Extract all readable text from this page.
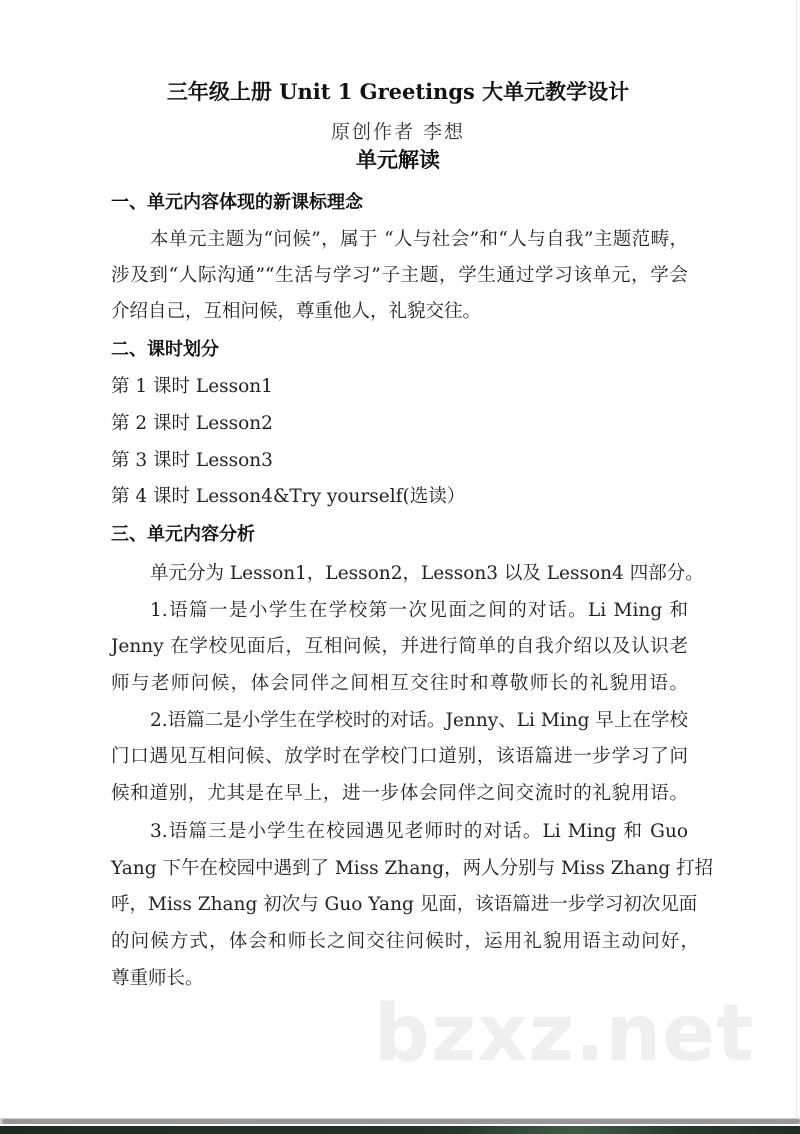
三年级上册 Unit 1 Greetings 大单元教学设计
原创作者 李想
单元解读
一、单元内容体现的新课标理念
本单元主题为“问候”，属于 “人与社会”和“人与自我”主题范畴，
涉及到“人际沟通”“生活与学习”子主题，学生通过学习该单元，学会
介绍自己，互相问候，尊重他人，礼貌交往。
二、课时划分
第 1 课时 Lesson1
第 2 课时 Lesson2
第 3 课时 Lesson3
第 4 课时 Lesson4&Try yourself(选读）
三、单元内容分析
单元分为 Lesson1，Lesson2，Lesson3 以及 Lesson4 四部分。
1.语篇一是小学生在学校第一次见面之间的对话。Li Ming 和
Jenny 在学校见面后，互相问候，并进行简单的自我介绍以及认识老
师与老师问候，体会同伴之间相互交往时和尊敬师长的礼貌用语。
2.语篇二是小学生在学校时的对话。Jenny、Li Ming 早上在学校
门口遇见互相问候、放学时在学校门口道别，该语篇进一步学习了问
候和道别，尤其是在早上，进一步体会同伴之间交流时的礼貌用语。
3.语篇三是小学生在校园遇见老师时的对话。Li Ming 和 Guo
Yang 下午在校园中遇到了 Miss Zhang，两人分别与 Miss Zhang 打招
呼，Miss Zhang 初次与 Guo Yang 见面，该语篇进一步学习初次见面
的问候方式，体会和师长之间交往问候时，运用礼貌用语主动问好，
尊重师长。
bzxz.net
